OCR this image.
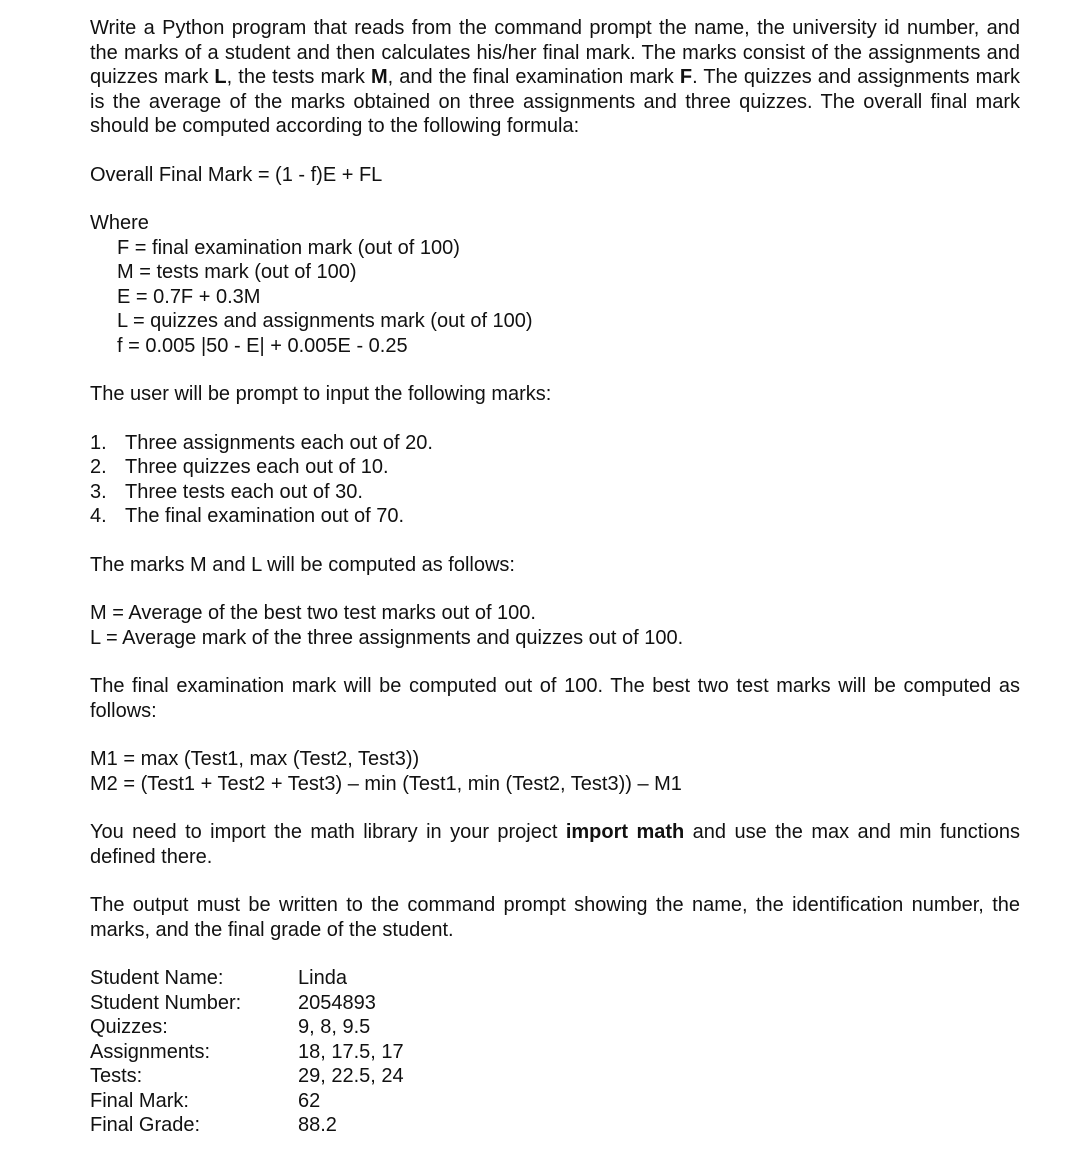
Write a Python program that reads from the command prompt the name, the university id number, and the marks of a student and then calculates his/her final mark. The marks consist of the assignments and quizzes mark L, the tests mark M, and the final examination mark F. The quizzes and assignments mark is the average of the marks obtained on three assignments and three quizzes. The overall final mark should be computed according to the following formula:

Overall Final Mark = (1 - f)E + FL

Where

F = final examination mark (out of 100)
M = tests mark (out of 100)
E = 0.7F + 0.3M
L = quizzes and assignments mark (out of 100)
f = 0.005 |50 - E| + 0.005E - 0.25

The user will be prompt to input the following marks:

1. Three assignments each out of 20.
2. Three quizzes each out of 10.
3. Three tests each out of 30.
4. The final examination out of 70.

The marks M and L will be computed as follows:

M = Average of the best two test marks out of 100.

L = Average mark of the three assignments and quizzes out of 100.

The final examination mark will be computed out of 100. The best two test marks will be computed as follows:

M1 = max (Test1, max (Test2, Test3))

M2 = (Test1 + Test2 + Test3) – min (Test1, min (Test2, Test3)) – M1

You need to import the math library in your project import math and use the max and min functions defined there.

The output must be written to the command prompt showing the name, the identification number, the marks, and the final grade of the student.

Student Name:	Linda
Student Number:	2054893
Quizzes:	9, 8, 9.5
Assignments:	18, 17.5, 17
Tests:	29, 22.5, 24
Final Mark:	62
Final Grade:	88.2
